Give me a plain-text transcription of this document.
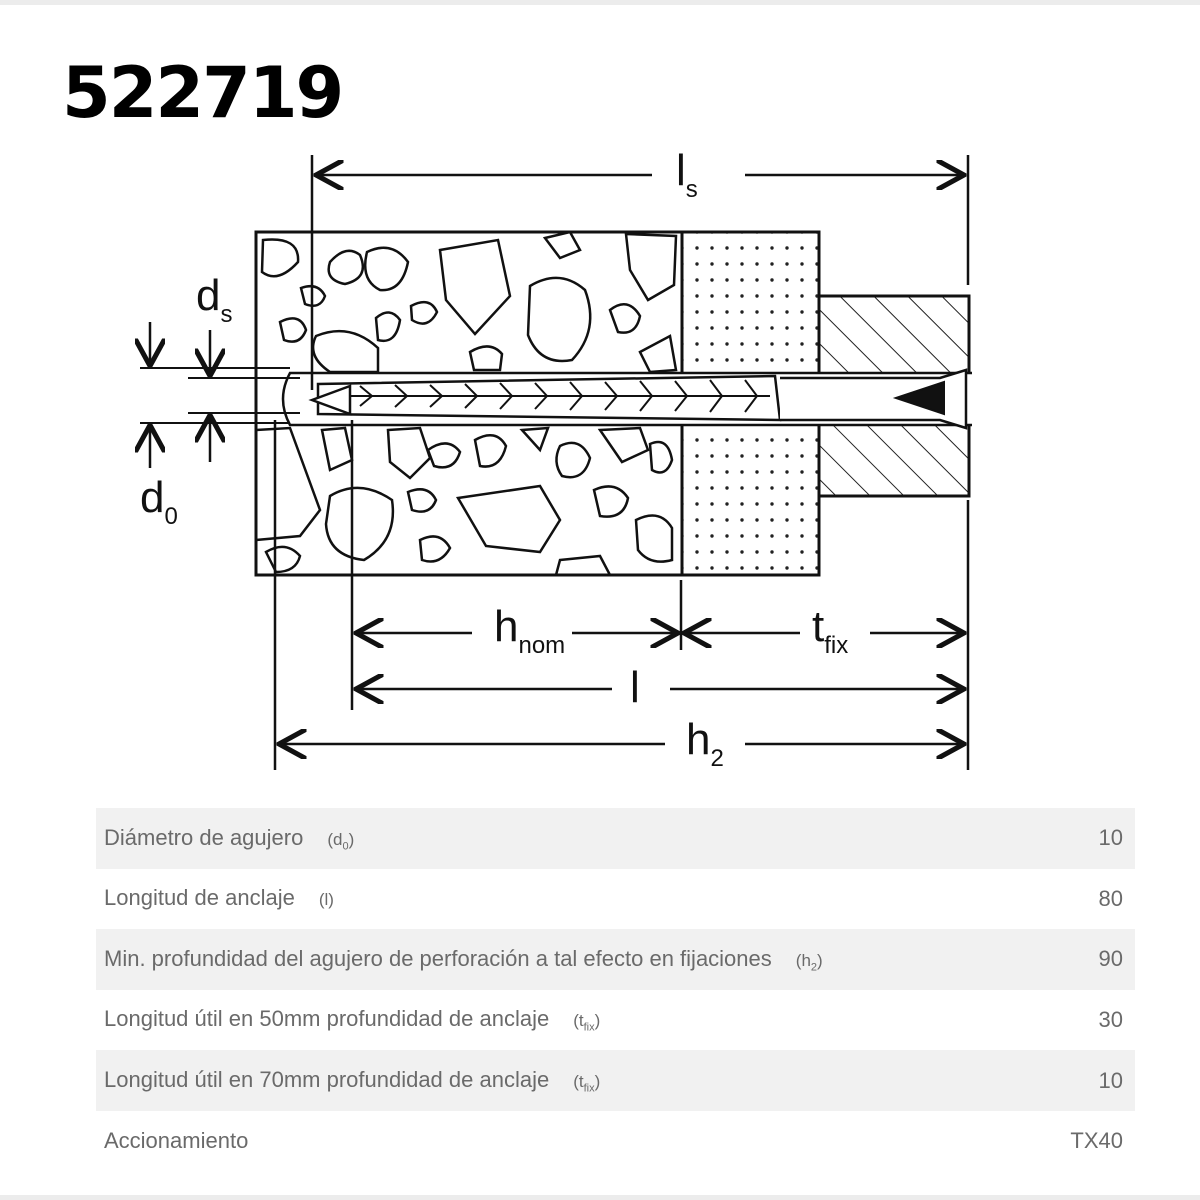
522719
$l_s$
$d_s$
$d_0$
$h_{nom}$	$t_{fix}$
l
$h_2$
Diámetro de agujero $(d_0)$	10
Longitud de anclaje (l)	80
Min. profundidad del agujero de perforación a tal efecto en fijaciones $(h_2)$	90
Longitud útil en 50mm profundidad de anclaje $(t_{fix})$	30
Longitud útil en 70mm profundidad de anclaje $(t_{fix})$	10
Accionamiento	TX40
